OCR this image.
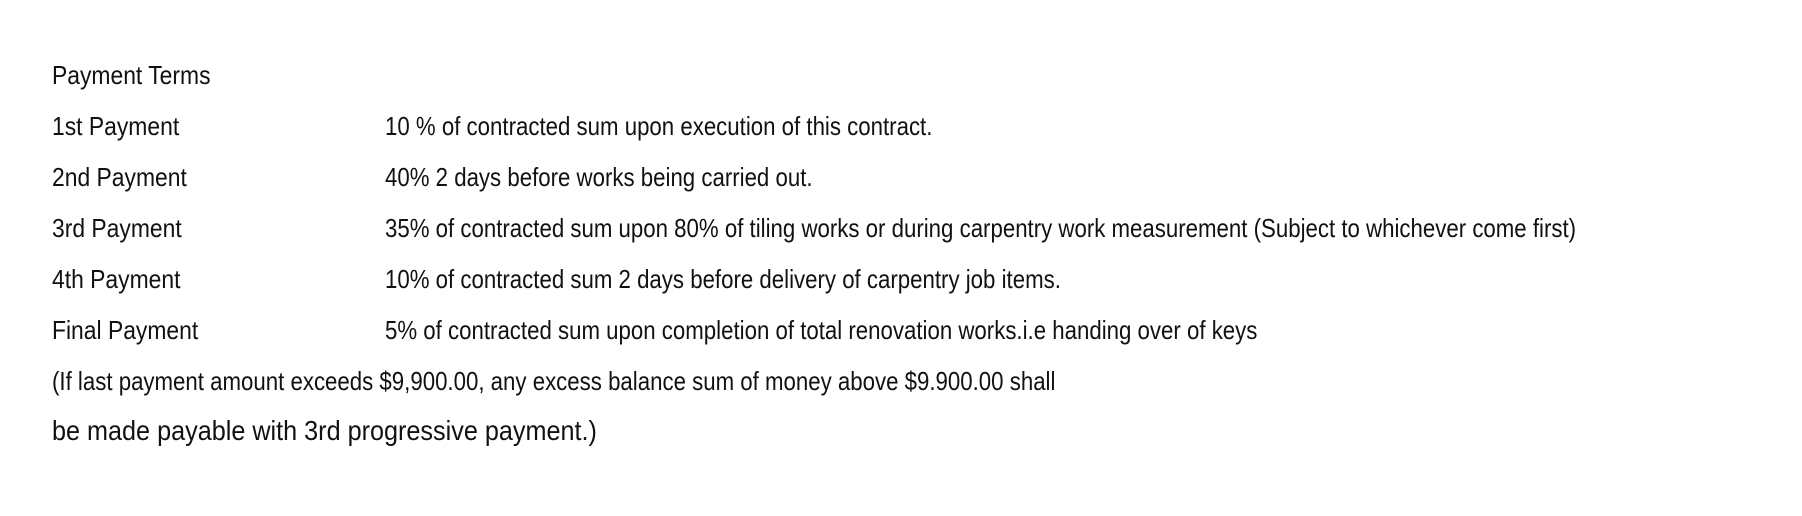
Payment Terms
1st Payment	10 % of contracted sum upon execution of this contract.
2nd Payment	40% 2 days before works being carried out.
3rd Payment	35% of contracted sum upon 80% of tiling works or during carpentry work measurement (Subject to whichever come first)
4th Payment	10% of contracted sum 2 days before delivery of carpentry job items.
Final Payment	5% of contracted sum upon completion of total renovation works.i.e handing over of keys
(If last payment amount exceeds $9,900.00, any excess balance sum of money above $9.900.00 shall
be made payable with 3rd progressive payment.)
